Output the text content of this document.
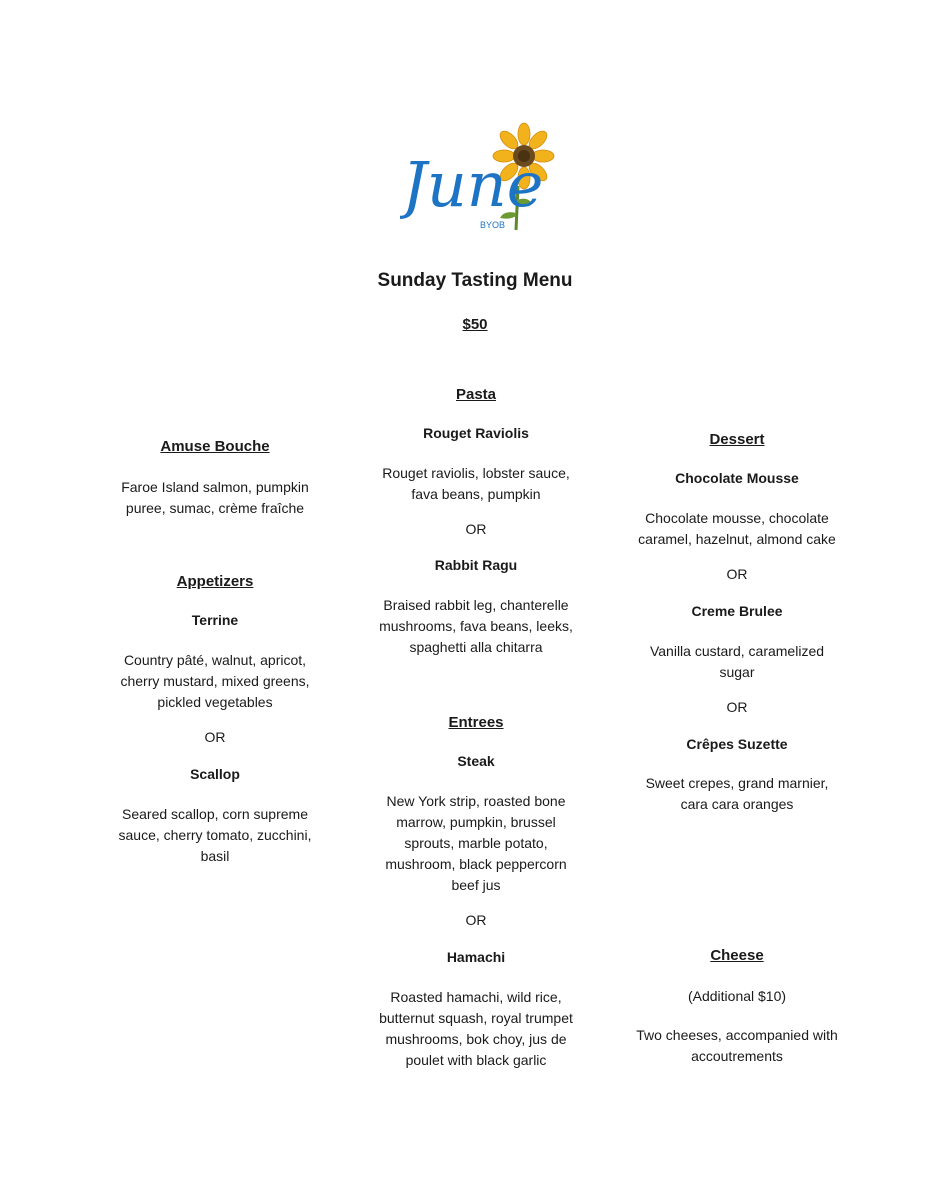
June
BYOB
Sunday Tasting Menu
$50
Amuse Bouche
Faroe Island salmon, pumpkin
puree, sumac, crème fraîche
Appetizers
Terrine
Country pâté, walnut, apricot,
cherry mustard, mixed greens,
pickled vegetables
OR
Scallop
Seared scallop, corn supreme
sauce, cherry tomato, zucchini,
basil
Pasta
Rouget Raviolis
Rouget raviolis, lobster sauce,
fava beans, pumpkin
OR
Rabbit Ragu
Braised rabbit leg, chanterelle
mushrooms, fava beans, leeks,
spaghetti alla chitarra
Entrees
Steak
New York strip, roasted bone
marrow, pumpkin, brussel
sprouts, marble potato,
mushroom, black peppercorn
beef jus
OR
Hamachi
Roasted hamachi, wild rice,
butternut squash, royal trumpet
mushrooms, bok choy, jus de
poulet with black garlic
Dessert
Chocolate Mousse
Chocolate mousse, chocolate
caramel, hazelnut, almond cake
OR
Creme Brulee
Vanilla custard, caramelized
sugar
OR
Crêpes Suzette
Sweet crepes, grand marnier,
cara cara oranges
Cheese
(Additional $10)
Two cheeses, accompanied with
accoutrements
